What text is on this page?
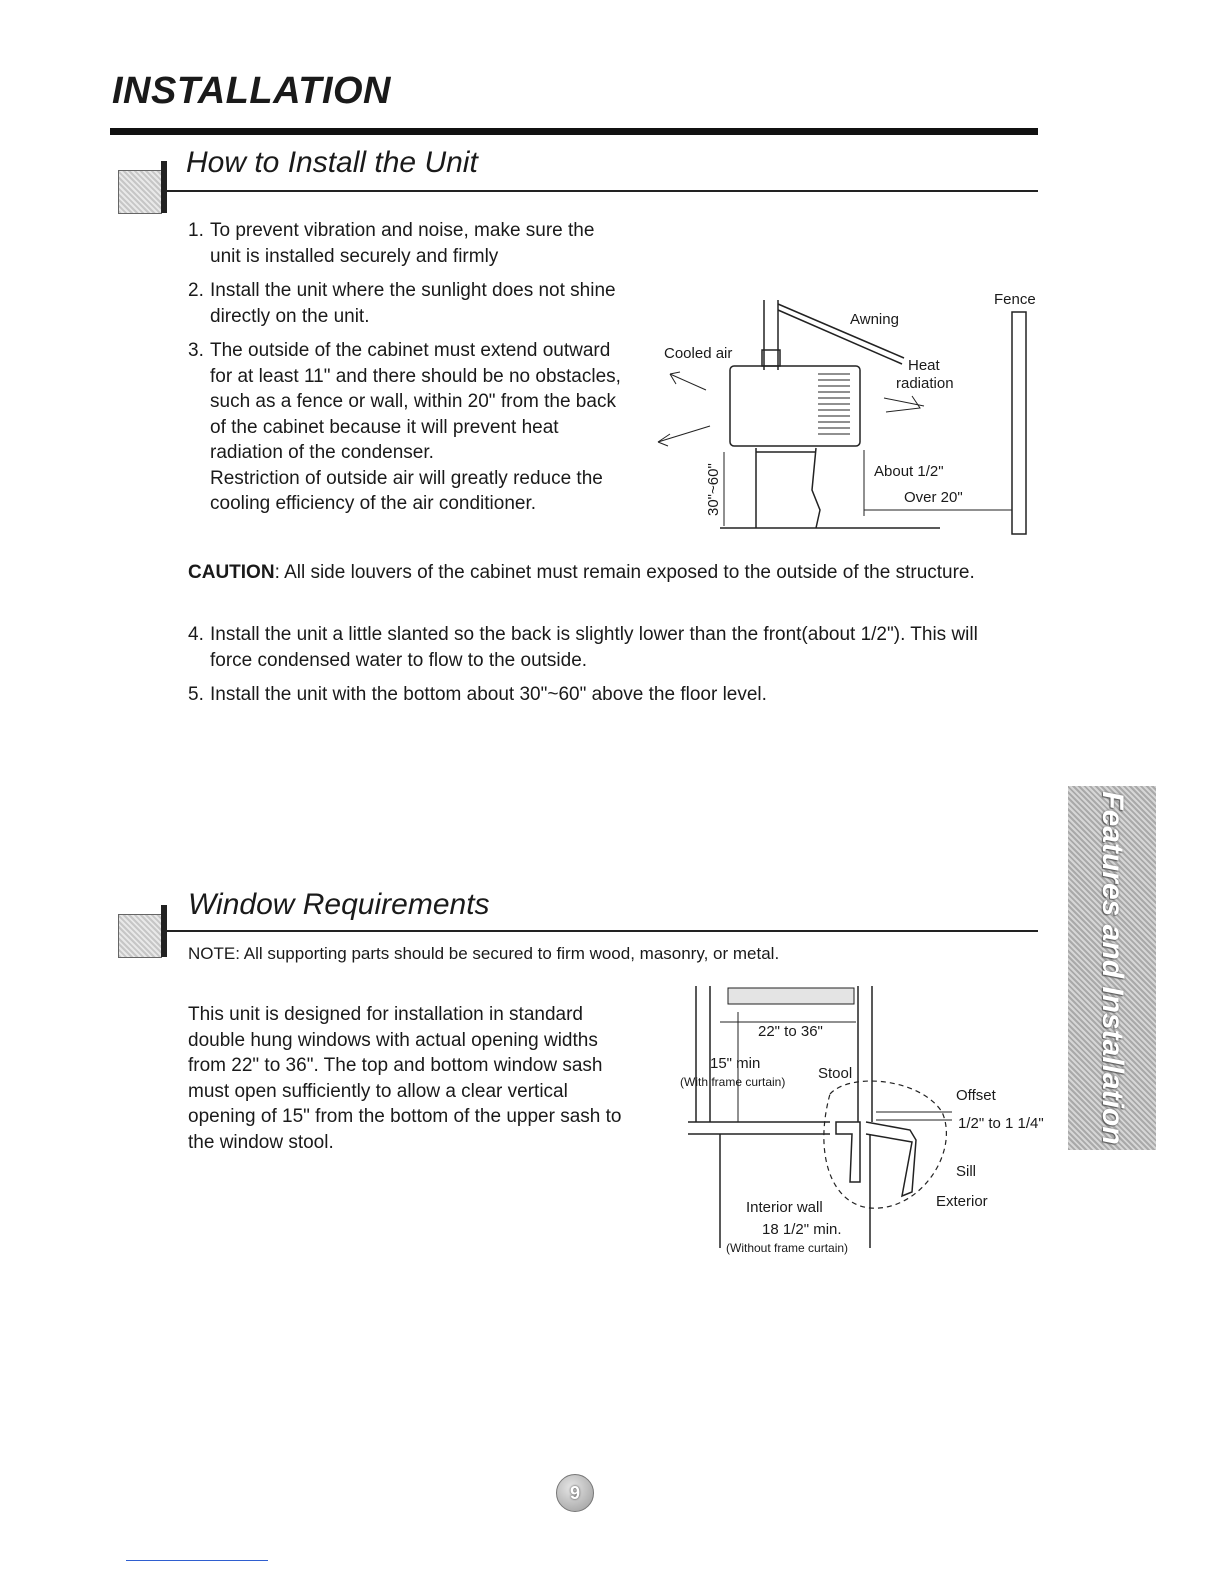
INSTALLATION
How to Install the Unit
1. To prevent vibration and noise, make sure the unit is installed securely and firmly
2. Install the unit where the sunlight does not shine directly on the unit.
3. The outside of the cabinet must extend outward for at least 11" and there should be no obstacles, such as a fence or wall, within 20" from the back of the cabinet because it will prevent heat radiation of the condenser.
Restriction of outside air will greatly reduce the cooling efficiency of the air conditioner.
Fence
Awning
Cooled air
Heat
radiation
About 1/2"
Over 20"
30"~60"
CAUTION: All side louvers of the cabinet must remain exposed to the outside of the structure.
4. Install the unit a little slanted so the back is slightly lower than the front(about 1/2"). This will force condensed water to flow to the outside.
5. Install the unit with the bottom about 30"~60" above the floor level.
Window Requirements
NOTE: All supporting parts should be secured to firm wood, masonry, or metal.
This unit is designed for installation in standard double hung windows with actual opening widths from 22" to 36". The top and bottom window sash must open sufficiently to allow a clear vertical opening of 15" from the bottom of the upper sash to the window stool.
22" to 36"
15" min
(With frame curtain) Stool
Offset
1/2" to 1 1/4"
Sill
Exterior
Interior wall
18 1/2" min.
(Without frame curtain)
Features and Installation
9
